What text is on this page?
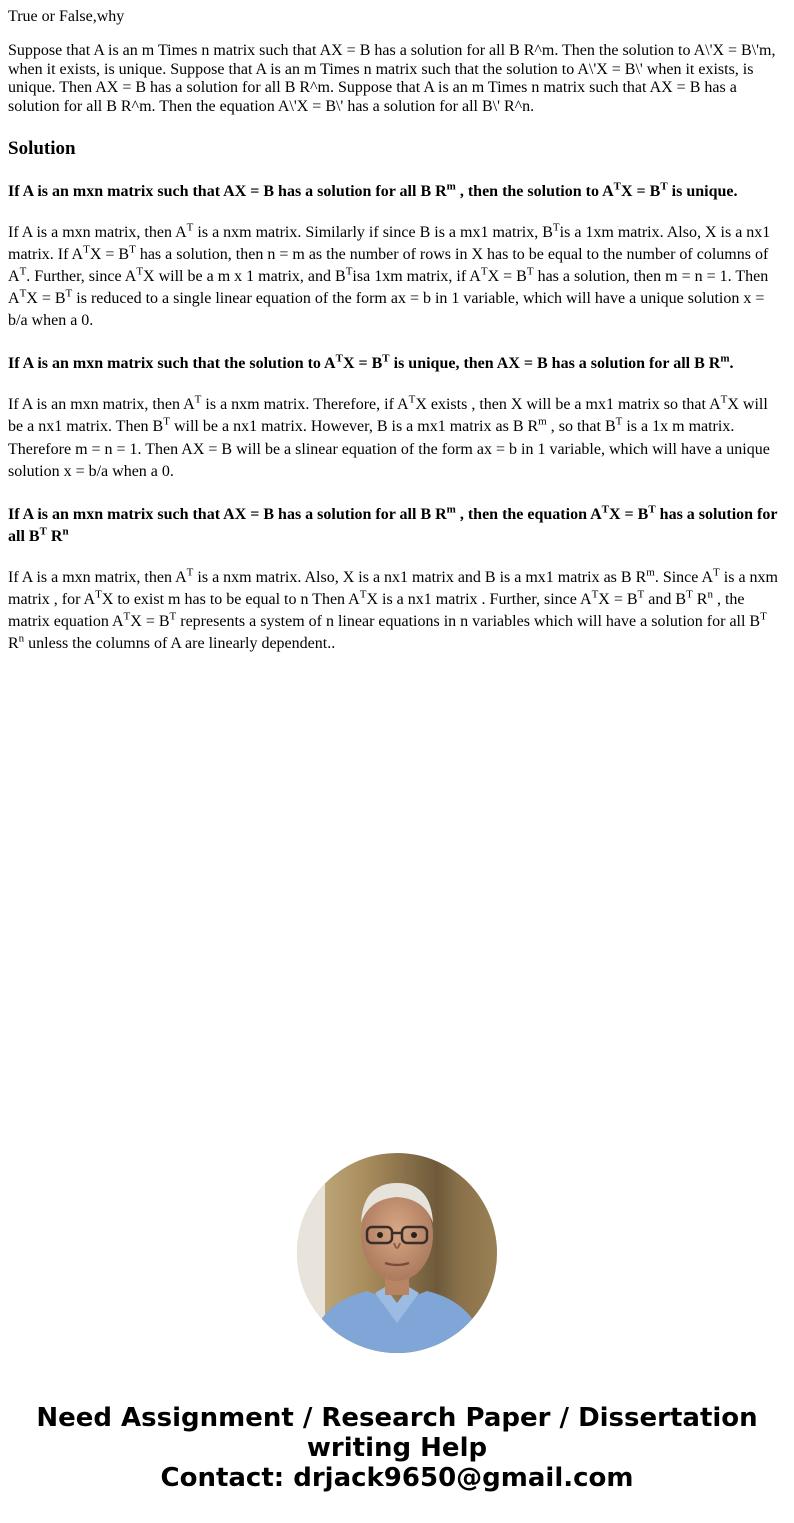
True or False,why

Suppose that A is an m Times n matrix such that AX = B has a solution for all B R^m. Then the solution to A\'X = B\'m, when it exists, is unique. Suppose that A is an m Times n matrix such that the solution to A\'X = B\' when it exists, is unique. Then AX = B has a solution for all B R^m. Suppose that A is an m Times n matrix such that AX = B has a solution for all B R^m. Then the equation A\'X = B\' has a solution for all B\' R^n.

Solution
If A is an mxn matrix such that AX = B has a solution for all B $R^m$ , then the solution to $A^TX = B^T$ is unique.

If A is a mxn matrix, then $A^T$ is a nxm matrix. Similarly if since B is a mx1 matrix, $B^Tis$ a 1xm matrix. Also, X is a nx1 matrix. If $A^TX = B^T$ has a solution, then n = m as the number of rows in X has to be equal to the number of columns of $A^T$. Further, since $A^TX$ will be a m x 1 matrix, and $B^Tisa$ 1xm matrix, if $A^TX = B^T$ has a solution, then m = n = 1. Then $A^TX = B^T$ is reduced to a single linear equation of the form ax = b in 1 variable, which will have a unique solution x = b/a when a 0.

If A is an mxn matrix such that the solution to $A^TX = B^T$ is unique, then AX = B has a solution for all B $R^m$.

If A is an mxn matrix, then $A^T$ is a nxm matrix. Therefore, if $A^TX$ exists , then X will be a mx1 matrix so that $A^TX$ will be a nx1 matrix. Then $B^T$ will be a nx1 matrix. However, B is a mx1 matrix as B $R^m$ , so that $B^T$ is a 1x m matrix. Therefore m = n = 1. Then AX = B will be a slinear equation of the form ax = b in 1 variable, which will have a unique solution x = b/a when a 0.

If A is an mxn matrix such that AX = B has a solution for all B $R^m$ , then the equation $A^TX = B^T$ has a solution for all $B^T$ $R^n$

If A is a mxn matrix, then $A^T$ is a nxm matrix. Also, X is a nx1 matrix and B is a mx1 matrix as B $R^m$. Since $A^T$ is a nxm matrix , for $A^TX$ to exist m has to be equal to n Then $A^TX$ is a nx1 matrix . Further, since $A^TX = B^T$ and $B^T$ $R^n$ , the matrix equation $A^TX = B^T$ represents a system of n linear equations in n variables which will have a solution for all $B^T$ $R^n$ unless the columns of A are linearly dependent..

Need Assignment / Research Paper / Dissertation
writing Help
Contact: drjack9650@gmail.com
